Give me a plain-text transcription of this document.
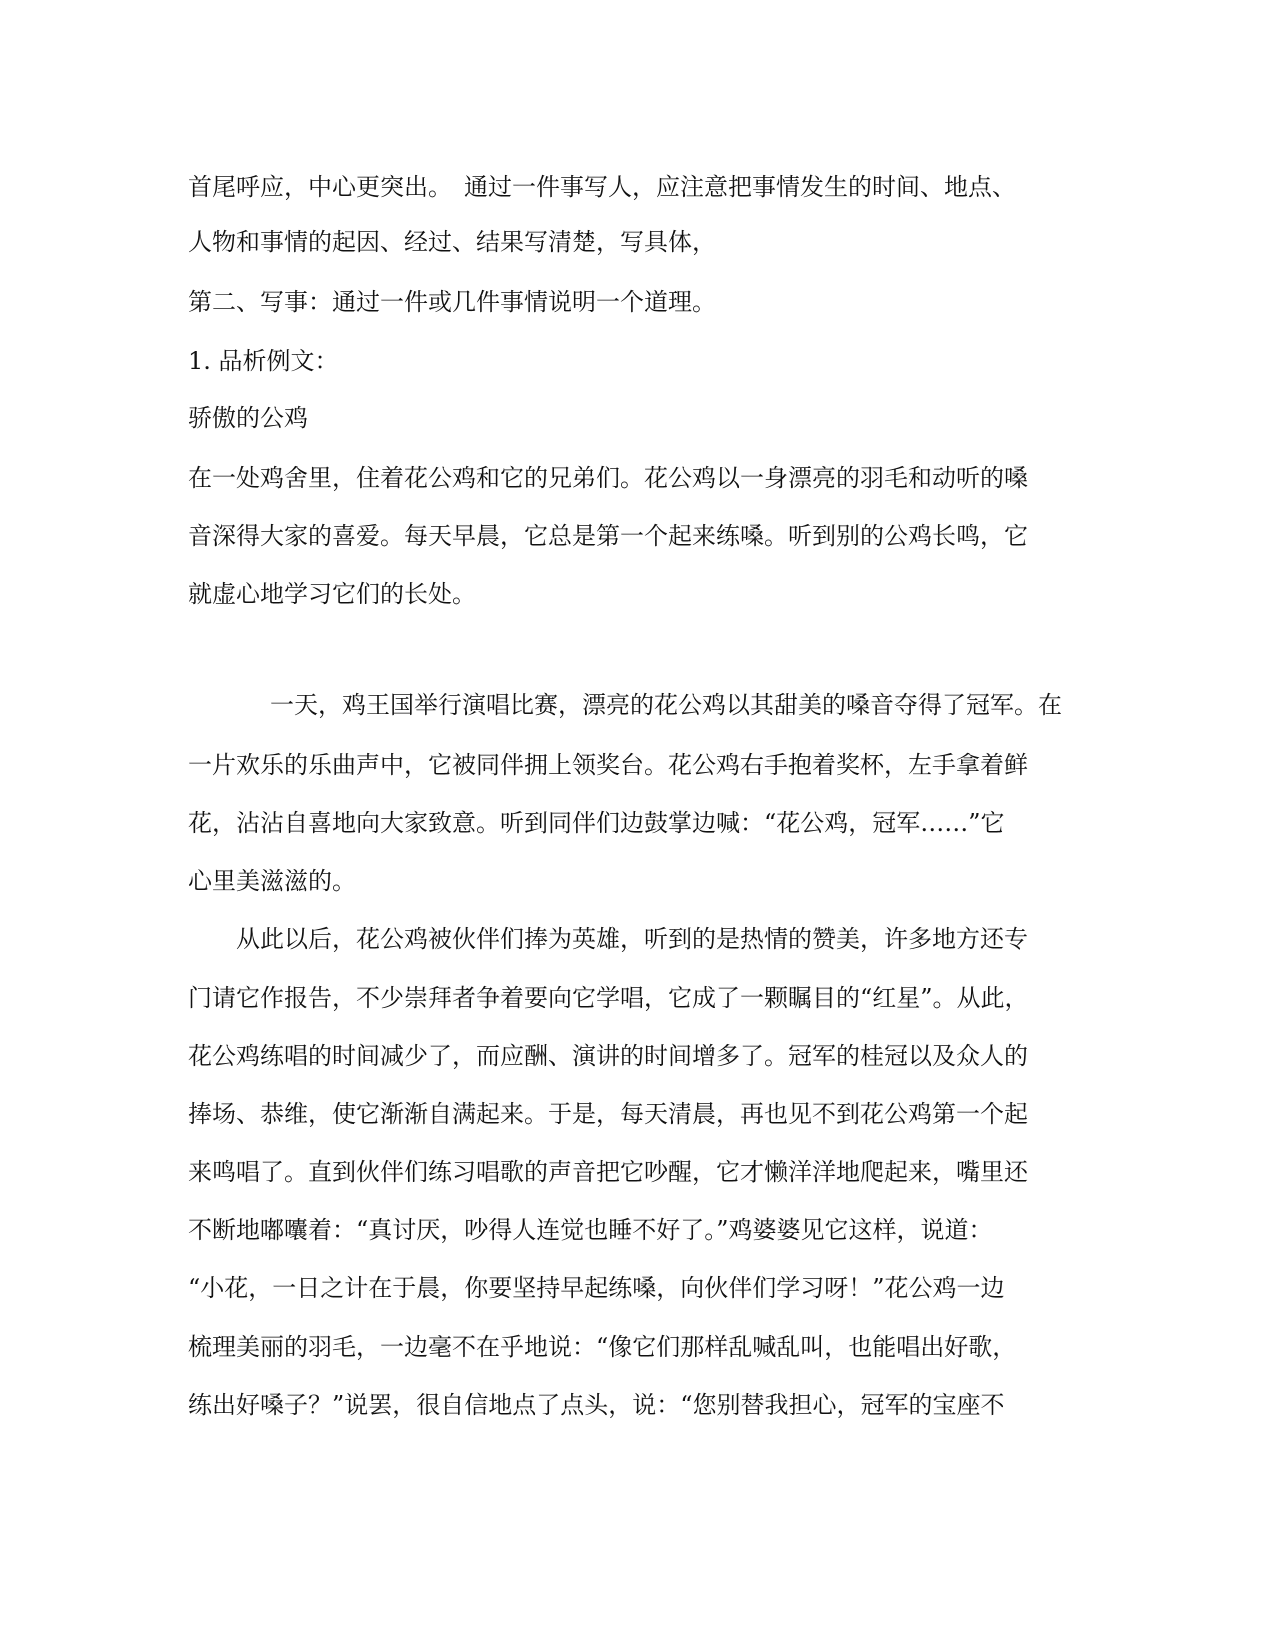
首尾呼应，中心更突出。　通过一件事写人，应注意把事情发生的时间、地点、
人物和事情的起因、经过、结果写清楚，写具体，
第二、写事：通过一件或几件事情说明一个道理。
1. 品析例文：
骄傲的公鸡
在一处鸡舍里，住着花公鸡和它的兄弟们。花公鸡以一身漂亮的羽毛和动听的嗓
音深得大家的喜爱。每天早晨，它总是第一个起来练嗓。听到别的公鸡长鸣，它
就虚心地学习它们的长处。
一天，鸡王国举行演唱比赛，漂亮的花公鸡以其甜美的嗓音夺得了冠军。在
一片欢乐的乐曲声中，它被同伴拥上领奖台。花公鸡右手抱着奖杯，左手拿着鲜
花，沾沾自喜地向大家致意。听到同伴们边鼓掌边喊：“花公鸡，冠军……”它
心里美滋滋的。
从此以后，花公鸡被伙伴们捧为英雄，听到的是热情的赞美，许多地方还专
门请它作报告，不少崇拜者争着要向它学唱，它成了一颗瞩目的“红星”。从此，
花公鸡练唱的时间减少了，而应酬、演讲的时间增多了。冠军的桂冠以及众人的
捧场、恭维，使它渐渐自满起来。于是，每天清晨，再也见不到花公鸡第一个起
来鸣唱了。直到伙伴们练习唱歌的声音把它吵醒，它才懒洋洋地爬起来，嘴里还
不断地嘟囔着：“真讨厌，吵得人连觉也睡不好了。”鸡婆婆见它这样，说道：
“小花，一日之计在于晨，你要坚持早起练嗓，向伙伴们学习呀！”花公鸡一边
梳理美丽的羽毛，一边毫不在乎地说：“像它们那样乱喊乱叫，也能唱出好歌，
练出好嗓子？”说罢，很自信地点了点头，说：“您别替我担心，冠军的宝座不
